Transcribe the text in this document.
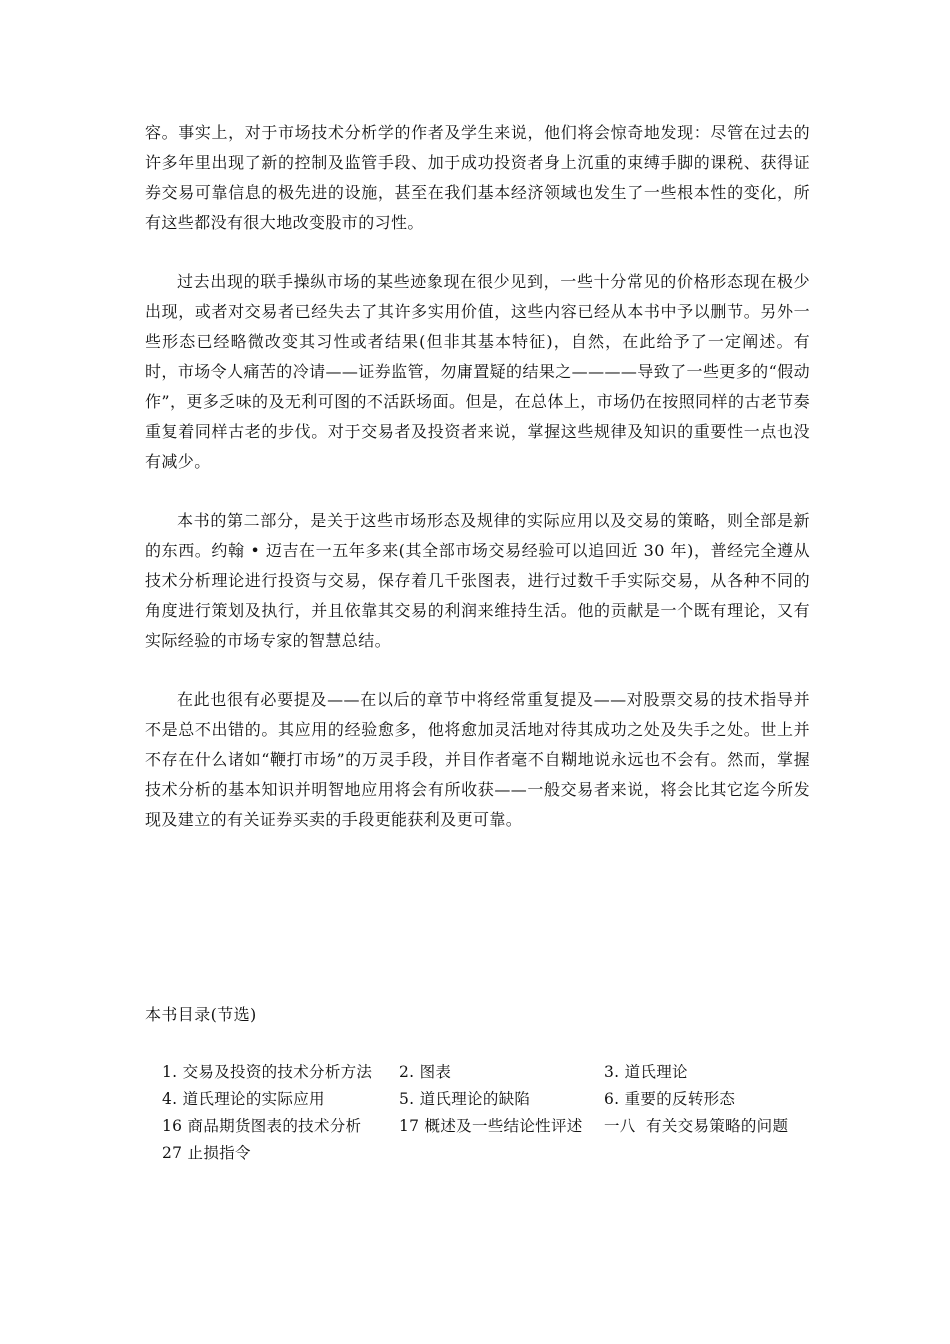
容。事实上，对于市场技术分析学的作者及学生来说，他们将会惊奇地发现：尽管在过去的许多年里出现了新的控制及监管手段、加于成功投资者身上沉重的束缚手脚的课税、获得证券交易可靠信息的极先进的设施，甚至在我们基本经济领域也发生了一些根本性的变化，所有这些都没有很大地改变股市的习性。

过去出现的联手操纵市场的某些迹象现在很少见到，一些十分常见的价格形态现在极少出现，或者对交易者已经失去了其许多实用价值，这些内容已经从本书中予以删节。另外一些形态已经略微改变其习性或者结果(但非其基本特征)，自然，在此给予了一定阐述。有时，市场令人痛苦的冷请——证券监管，勿庸置疑的结果之————导致了一些更多的“假动作”，更多乏味的及无利可图的不活跃场面。但是，在总体上，市场仍在按照同样的古老节奏重复着同样古老的步伐。对于交易者及投资者来说，掌握这些规律及知识的重要性一点也没有减少。

本书的第二部分，是关于这些市场形态及规律的实际应用以及交易的策略，则全部是新的东西。约翰 • 迈吉在一五年多来(其全部市场交易经验可以追回近 30 年)，普经完全遵从技术分析理论进行投资与交易，保存着几千张图表，进行过数千手实际交易，从各种不同的角度进行策划及执行，并且依靠其交易的利润来维持生活。他的贡献是一个既有理论，又有实际经验的市场专家的智慧总结。

在此也很有必要提及——在以后的章节中将经常重复提及——对股票交易的技术指导并不是总不出错的。其应用的经验愈多，他将愈加灵活地对待其成功之处及失手之处。世上并不存在什么诸如“鞭打市场”的万灵手段，并目作者毫不自糊地说永远也不会有。然而，掌握技术分析的基本知识并明智地应用将会有所收获——一般交易者来说，将会比其它迄今所发现及建立的有关证券买卖的手段更能获利及更可靠。

本书目录(节选)

1. 交易及投资的技术分析方法	2. 图表	3. 道氏理论
4. 道氏理论的实际应用	5. 道氏理论的缺陷	6. 重要的反转形态
16 商品期货图表的技术分析	17 概述及一些结论性评述	一八  有关交易策略的问题
27 止损指令
